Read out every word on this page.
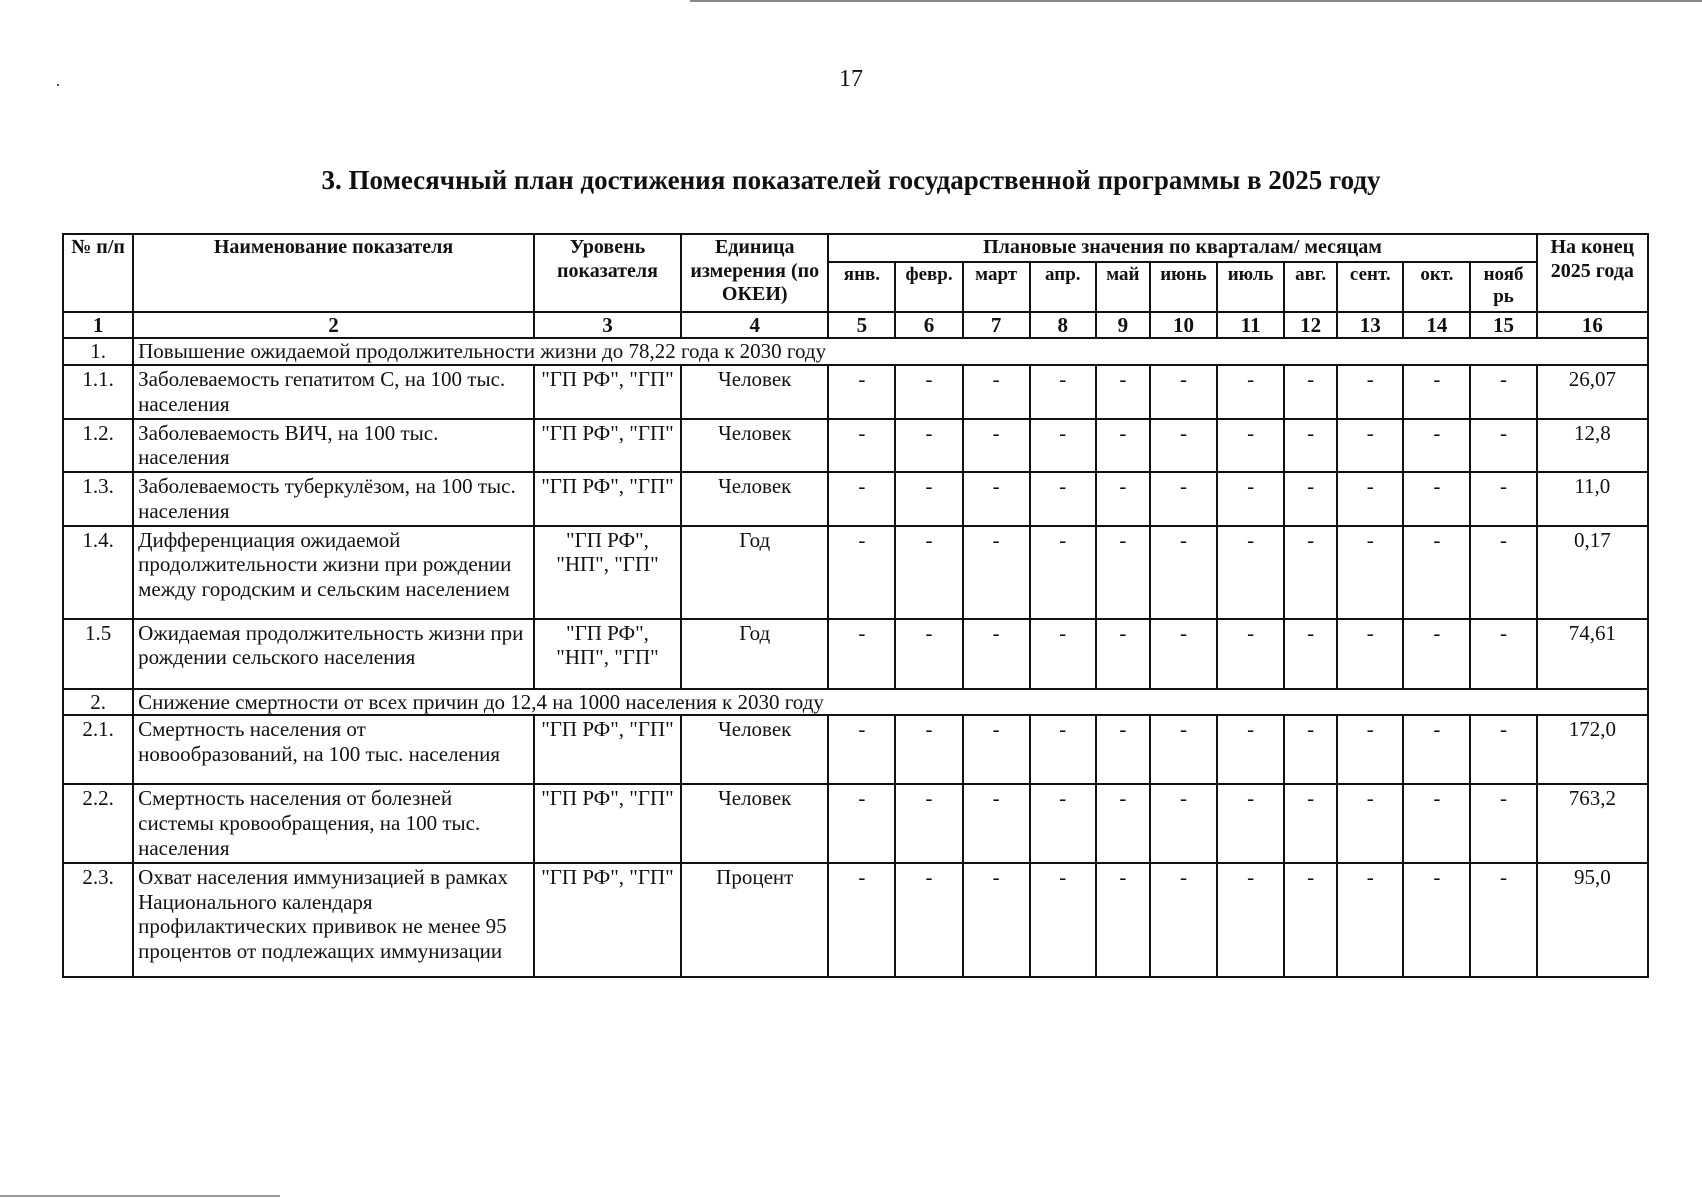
17
3. Помесячный план достижения показателей государственной программы в 2025 году
№ п/п	Наименование показателя	Уровень показателя	Единица измерения (по ОКЕИ)	Плановые значения по кварталам/ месяцам											На конец 2025 года
				янв.	февр.	март	апр.	май	июнь	июль	авг.	сент.	окт.	нояб рь	
1	2	3	4	5	6	7	8	9	10	11	12	13	14	15	16
1.	Повышение ожидаемой продолжительности жизни до 78,22 года к 2030 году														
1.1.	Заболеваемость гепатитом С, на 100 тыс. населения	"ГП РФ", "ГП"	Человек	-	-	-	-	-	-	-	-	-	-	-	26,07
1.2.	Заболеваемость ВИЧ, на 100 тыс. населения	"ГП РФ", "ГП"	Человек	-	-	-	-	-	-	-	-	-	-	-	12,8
1.3.	Заболеваемость туберкулёзом, на 100 тыс. населения	"ГП РФ", "ГП"	Человек	-	-	-	-	-	-	-	-	-	-	-	11,0
1.4.	Дифференциация ожидаемой продолжительности жизни при рождении между городским и сельским населением	"ГП РФ", "НП", "ГП"	Год	-	-	-	-	-	-	-	-	-	-	-	0,17
1.5	Ожидаемая продолжительность жизни при рождении сельского населения	"ГП РФ", "НП", "ГП"	Год	-	-	-	-	-	-	-	-	-	-	-	74,61
2.	Снижение смертности от всех причин до 12,4 на 1000 населения к 2030 году														
2.1.	Смертность населения от новообразований, на 100 тыс. населения	"ГП РФ", "ГП"	Человек	-	-	-	-	-	-	-	-	-	-	-	172,0
2.2.	Смертность населения от болезней системы кровообращения, на 100 тыс. населения	"ГП РФ", "ГП"	Человек	-	-	-	-	-	-	-	-	-	-	-	763,2
2.3.	Охват населения иммунизацией в рамках Национального календаря профилактических прививок не менее 95 процентов от подлежащих иммунизации	"ГП РФ", "ГП"	Процент	-	-	-	-	-	-	-	-	-	-	-	95,0
